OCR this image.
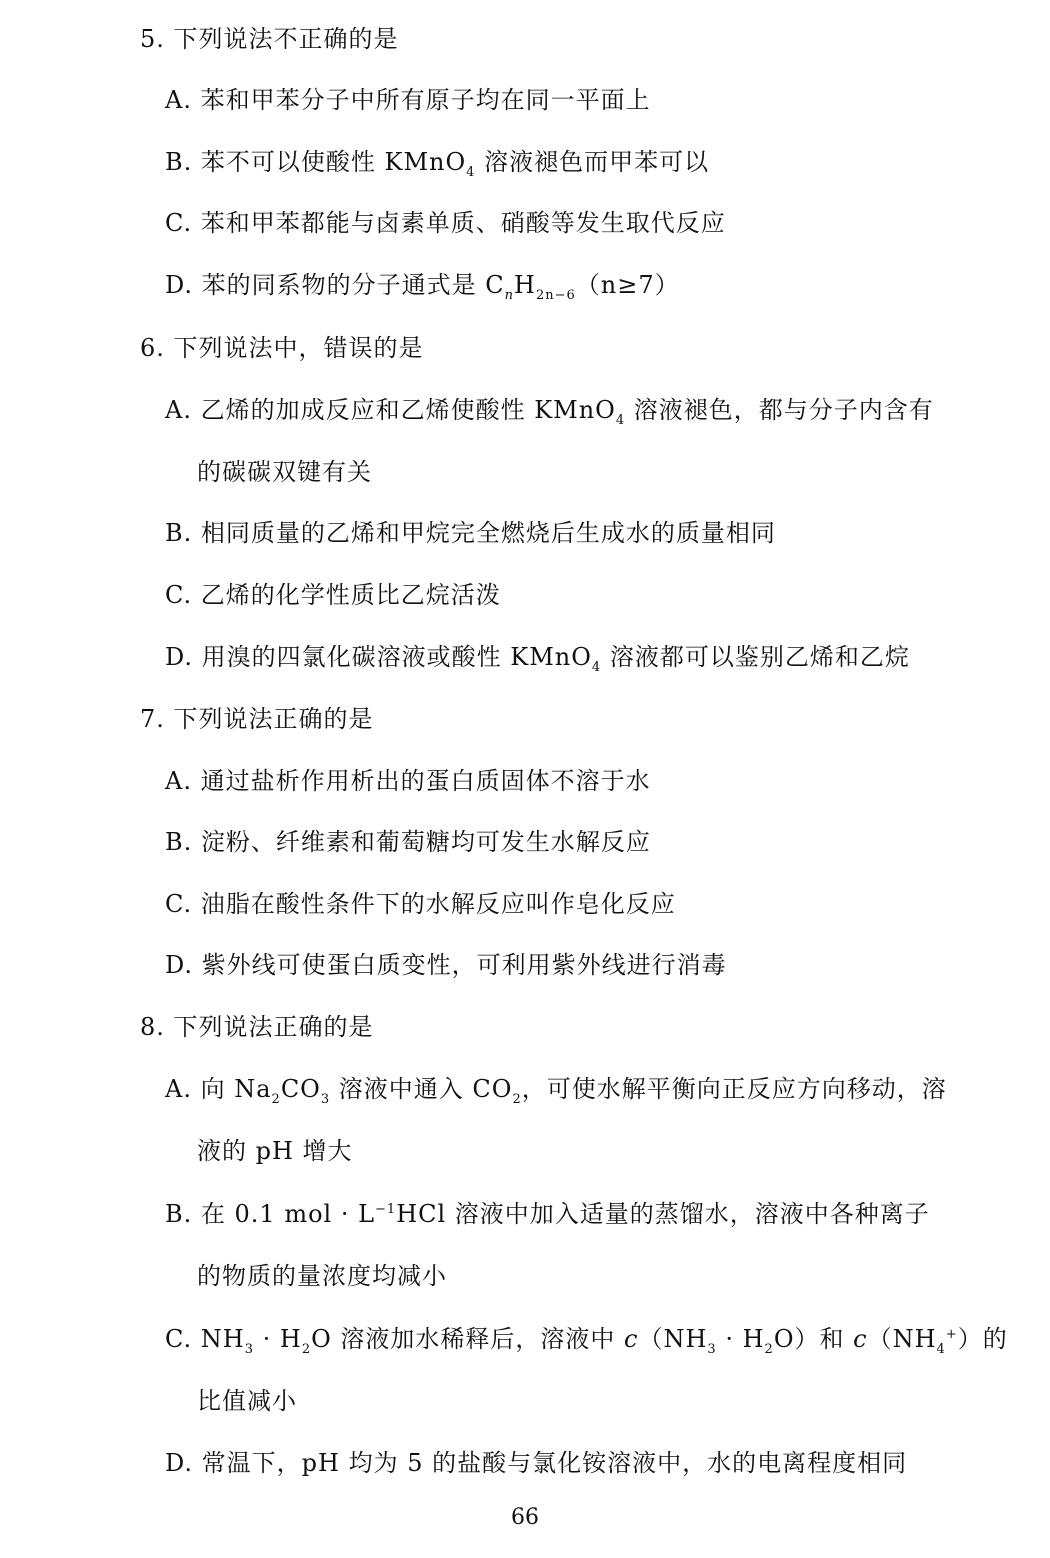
5. 下列说法不正确的是
A. 苯和甲苯分子中所有原子均在同一平面上
B. 苯不可以使酸性 KMnO$_4$ 溶液褪色而甲苯可以
C. 苯和甲苯都能与卤素单质、硝酸等发生取代反应
D. 苯的同系物的分子通式是 $C_nH_{2n-6}(n\ge 7)$
6. 下列说法中，错误的是
A. 乙烯的加成反应和乙烯使酸性 KMnO$_4$ 溶液褪色，都与分子内含有
的碳碳双键有关
B. 相同质量的乙烯和甲烷完全燃烧后生成水的质量相同
C. 乙烯的化学性质比乙烷活泼
D. 用溴的四氯化碳溶液或酸性 KMnO$_4$ 溶液都可以鉴别乙烯和乙烷
7. 下列说法正确的是
A. 通过盐析作用析出的蛋白质固体不溶于水
B. 淀粉、纤维素和葡萄糖均可发生水解反应
C. 油脂在酸性条件下的水解反应叫作皂化反应
D. 紫外线可使蛋白质变性，可利用紫外线进行消毒
8. 下列说法正确的是
A. 向 $Na_2CO_3$ 溶液中通入 $CO_2$，可使水解平衡向正反应方向移动，溶
液的 pH 增大
B. 在 0.1 mol · $L^{-1}HCl$ 溶液中加入适量的蒸馏水，溶液中各种离子
的物质的量浓度均减小
C. $NH_3 \cdot H_2O$ 溶液加水稀释后，溶液中 $c(NH_3 \cdot H_2O)$和 $c(NH_4^+)$的
比值减小
D. 常温下，pH 均为 5 的盐酸与氯化铵溶液中，水的电离程度相同
66
